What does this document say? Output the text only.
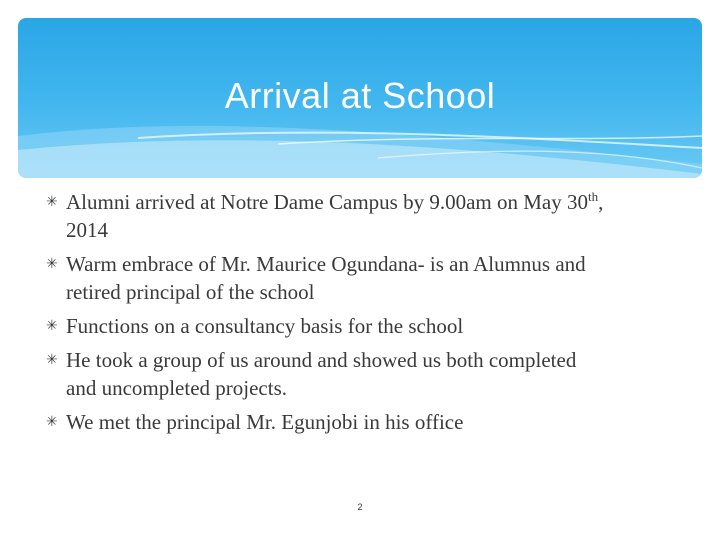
Arrival at School
✳ Alumni arrived at Notre Dame Campus by 9.00am on May 30th, 2014
✳ Warm embrace of Mr. Maurice Ogundana- is an Alumnus and retired principal of the school
✳ Functions on a consultancy basis for the school
✳ He took a group of us around and showed us both completed and uncompleted projects.
✳ We met the principal Mr. Egunjobi in his office
2
